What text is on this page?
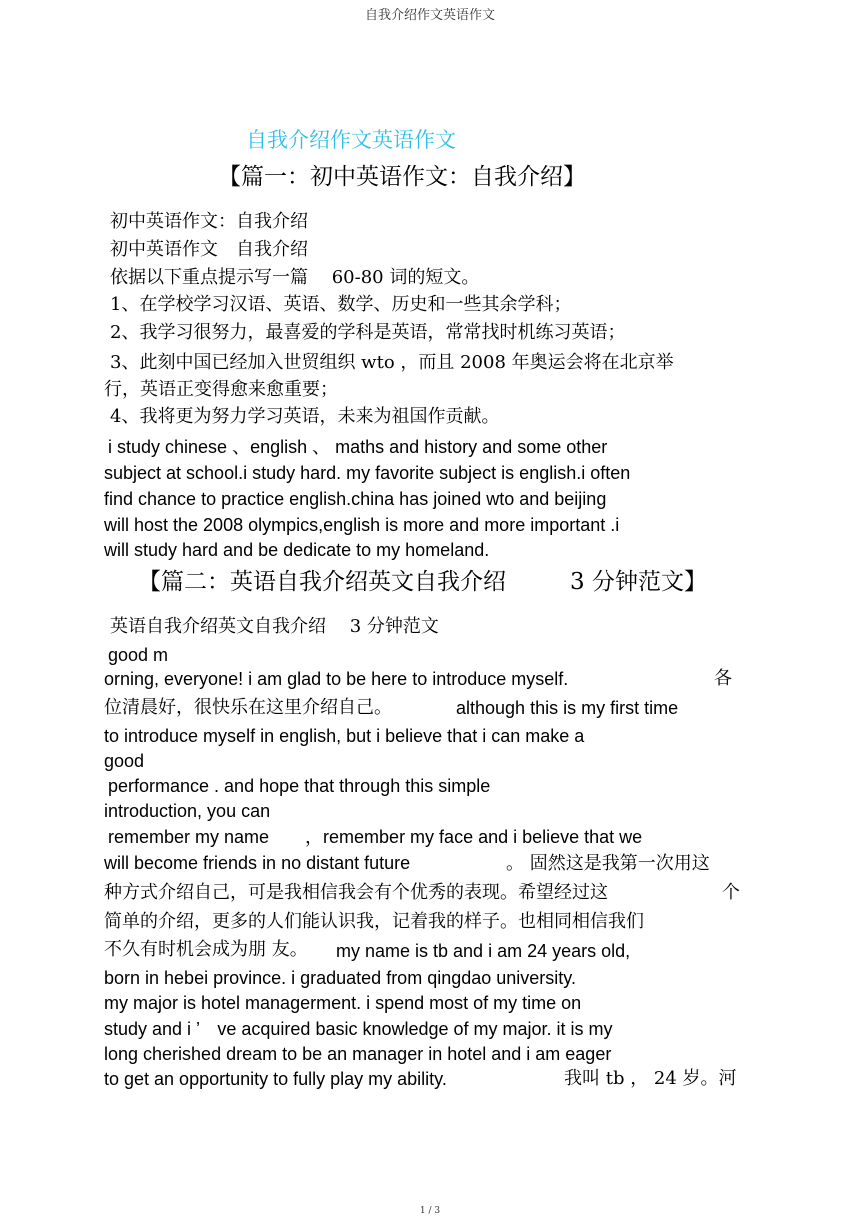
自我介绍作文英语作文
自我介绍作文英语作文
【篇一：初中英语作文：自我介绍】
初中英语作文：自我介绍
初中英语作文　自我介绍
依据以下重点提示写一篇　 60-80 词的短文。
1、在学校学习汉语、英语、数学、历史和一些其余学科；
2、我学习很努力，最喜爱的学科是英语，常常找时机练习英语；
3、此刻中国已经加入世贸组织 wto ，而且 2008 年奥运会将在北京举
行，英语正变得愈来愈重要；
4、我将更为努力学习英语，未来为祖国作贡献。
i study chinese 、english 、 maths and history and some other
subject at school.i study hard. my favorite subject is english.i often
find chance to practice english.china has joined wto and beijing
will host the 2008 olympics,english is more and more important .i
will study hard and be dedicate to my homeland.
【篇二：英语自我介绍英文自我介绍	3 分钟范文】
英语自我介绍英文自我介绍　 3 分钟范文
good m
orning, everyone! i am glad to be here to introduce myself.	各
位清晨好，很快乐在这里介绍自己。	although this is my first time
to introduce myself in english, but i believe that i can make a
good
performance . and hope that through this simple
introduction, you can
remember my name　　，remember my face and i believe that we
will become friends in no distant future	。 固然这是我第一次用这
种方式介绍自己，可是我相信我会有个优秀的表现。希望经过这	个
简单的介绍，更多的人们能认识我，记着我的样子。也相同相信我们
不久有时机会成为朋 友。 my name is tb and i am 24 years old,
born in hebei province. i graduated from qingdao university.
my major is hotel managerment. i spend most of my time on
study and i ’　ve acquired basic knowledge of my major. it is my
long cherished dream to be an manager in hotel and i am eager
to get an opportunity to fully play my ability.	我叫 tb ， 24 岁。河
1 / 3
